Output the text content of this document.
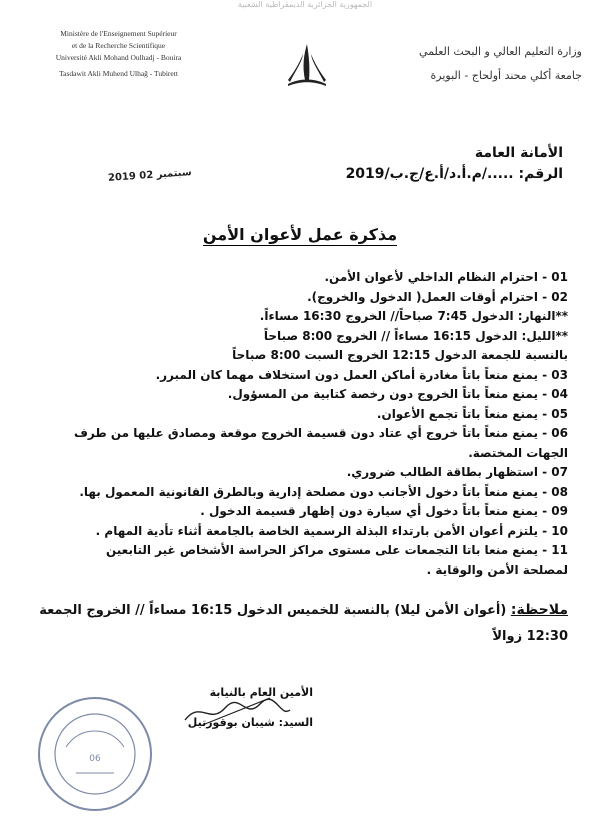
ﺍﻟﺠﻤﻬﻮﺭﻳﺔ ﺍﻟﺠﺰﺍﺋﺮﻳﺔ ﺍﻟﺪﻳﻤﻘﺮﺍﻃﻴﺔ ﺍﻟﺸﻌﺒﻴﺔ
Ministère de l'Enseignement Supérieur
et de la Recherche Scientifique
Université Akli Mohand Oulhadj - Bouira
Tasdawit Akli Muhend Ulhağ - Tubirett
وزارة التعليم العالي و البحث العلمي
جامعة أكلي محند أولحاج - البويرة
الأمانة العامة
الرقم: ...../م.أ.د/أ.ع/ج.ب/2019
2019 سبتمبر 02
مذكرة عمل لأعوان الأمن
01 - احترام النظام الداخلي لأعوان الأمن.
02 - احترام أوقات العمل( الدخول والخروج).
**النهار: الدخول 7:45 صباحاً// الخروج 16:30 مساءاً.
**الليل: الدخول 16:15 مساءاً // الخروج 8:00 صباحاً
بالنسبة للجمعة الدخول 12:15 الخروج السبت 8:00 صباحاً
03 - يمنع منعاً باتاً مغادرة أماكن العمل دون استخلاف مهما كان المبرر.
04 - يمنع منعاً باتاً الخروج دون رخصة كتابية من المسؤول.
05 - يمنع منعاً باتاً تجمع الأعوان.
06 - يمنع منعاً باتاً خروج أي عتاد دون قسيمة الخروج موقعة ومصادق عليها من طرف
الجهات المختصة.
07 - استظهار بطاقة الطالب ضروري.
08 - يمنع منعاً باتاً دخول الأجانب دون مصلحة إدارية وبالطرق القانونية المعمول بها.
09 - يمنع منعاً باتاً دخول أي سيارة دون إظهار قسيمة الدخول .
10 - يلتزم أعوان الأمن بارتداء البذلة الرسمية الخاصة بالجامعة أثناء تأدية المهام .
11 - يمنع منعا باتا التجمعات على مستوى مراكز الحراسة الأشخاص غير التابعين
لمصلحة الأمن والوقاية .
ملاحظة: (أعوان الأمن ليلا) بالنسبة للخميس الدخول 16:15 مساءاً // الخروج الجمعة
12:30 زوالاً
الأمين العام بالنيابة
السيد: شيبان بوقورتيل
06
